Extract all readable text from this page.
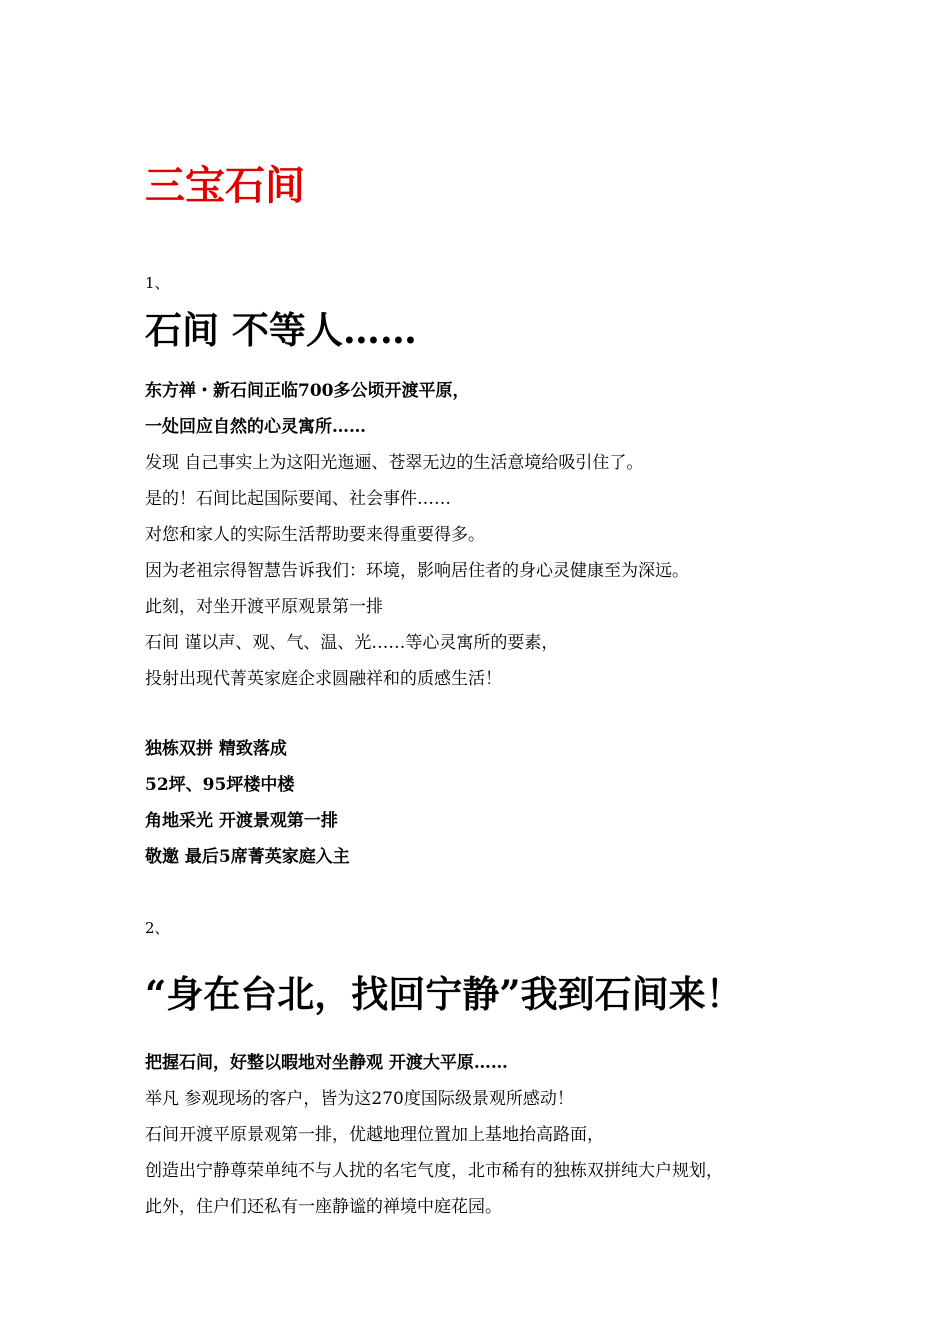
三宝石间

1、

石间 不等人……
东方禅・新石间正临700多公顷开渡平原，
一处回应自然的心灵寓所……
发现 自己事实上为这阳光迤逦、苍翠无边的生活意境给吸引住了。
是的！石间比起国际要闻、社会事件……
对您和家人的实际生活帮助要来得重要得多。
因为老祖宗得智慧告诉我们：环境，影响居住者的身心灵健康至为深远。
此刻，对坐开渡平原观景第一排
石间 谨以声、观、气、温、光……等心灵寓所的要素，
投射出现代菁英家庭企求圆融祥和的质感生活！
独栋双拼 精致落成
52坪、95坪楼中楼
角地采光 开渡景观第一排
敬邀 最后5席菁英家庭入主

2、

“身在台北，找回宁静”我到石间来！
把握石间，好整以暇地对坐静观 开渡大平原……
举凡 参观现场的客户，皆为这270度国际级景观所感动！
石间开渡平原景观第一排，优越地理位置加上基地抬高路面，
创造出宁静尊荣单纯不与人扰的名宅气度，北市稀有的独栋双拼纯大户规划，
此外，住户们还私有一座静谧的禅境中庭花园。
